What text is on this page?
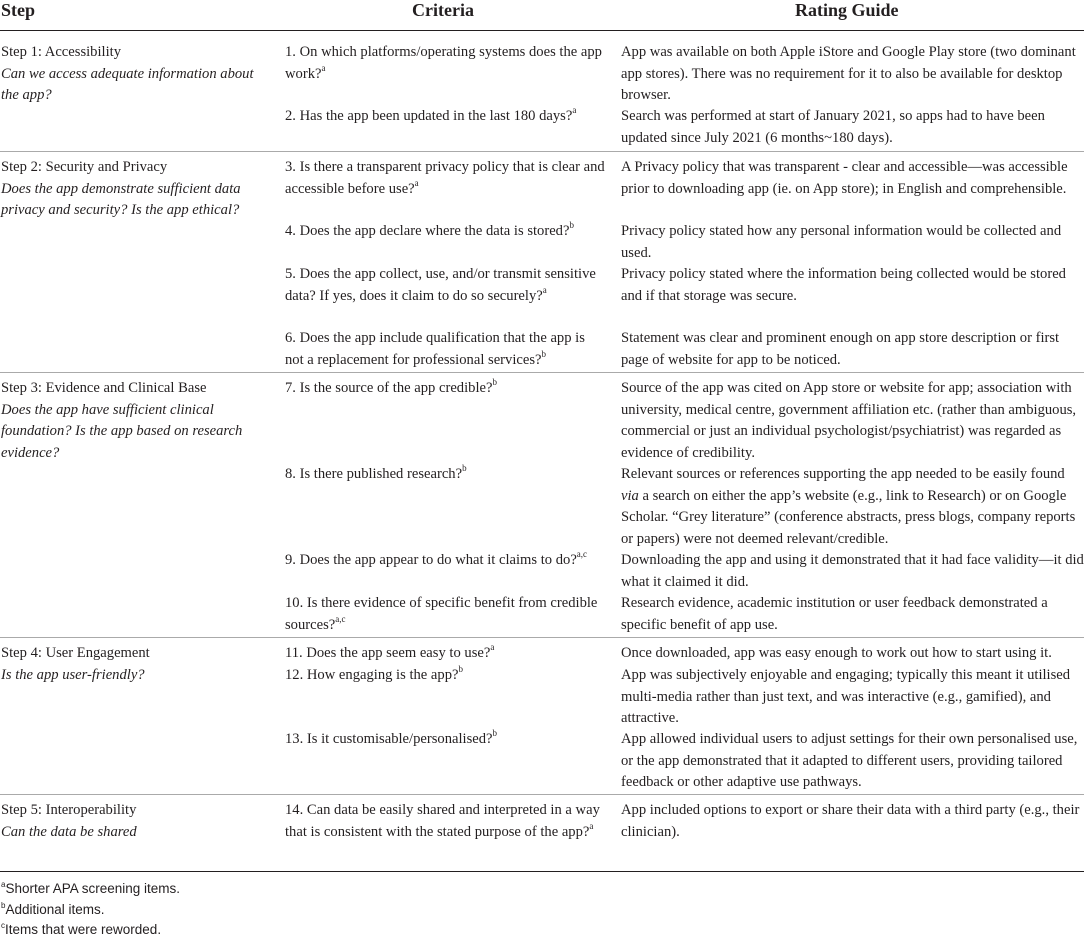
Step	Criteria	Rating Guide
Step 1: Accessibility
Can we access adequate information about the app?
Step 2: Security and Privacy
Does the app demonstrate sufficient data privacy and security? Is the app ethical?
Step 3: Evidence and Clinical Base
Does the app have sufficient clinical foundation? Is the app based on research evidence?
Step 4: User Engagement
Is the app user-friendly?
Step 5: Interoperability
Can the data be shared
1. On which platforms/operating systems does the app work?$^a$
2. Has the app been updated in the last 180 days?$^a$
3. Is there a transparent privacy policy that is clear and accessible before use?$^a$
4. Does the app declare where the data is stored?$^b$
5. Does the app collect, use, and/or transmit sensitive data? If yes, does it claim to do so securely?$^a$
6. Does the app include qualification that the app is not a replacement for professional services?$^b$
7. Is the source of the app credible?$^b$
8. Is there published research?$^b$
9. Does the app appear to do what it claims to do?$^{a,c}$
10. Is there evidence of specific benefit from credible sources?$^{a,c}$
11. Does the app seem easy to use?$^a$
12. How engaging is the app?$^b$
13. Is it customisable/personalised?$^b$
14. Can data be easily shared and interpreted in a way that is consistent with the stated purpose of the app?$^a$
App was available on both Apple iStore and Google Play store (two dominant app stores). There was no requirement for it to also be available for desktop browser.
Search was performed at start of January 2021, so apps had to have been updated since July 2021 (6 months~180 days).
A Privacy policy that was transparent - clear and accessible—was accessible prior to downloading app (ie. on App store); in English and comprehensible.
Privacy policy stated how any personal information would be collected and used.
Privacy policy stated where the information being collected would be stored and if that storage was secure.
Statement was clear and prominent enough on app store description or first page of website for app to be noticed.
Source of the app was cited on App store or website for app; association with university, medical centre, government affiliation etc. (rather than ambiguous, commercial or just an individual psychologist/psychiatrist) was regarded as evidence of credibility.
Relevant sources or references supporting the app needed to be easily found via a search on either the app’s website (e.g., link to Research) or on Google Scholar. “Grey literature” (conference abstracts, press blogs, company reports or papers) were not deemed relevant/credible.
Downloading the app and using it demonstrated that it had face validity—it did what it claimed it did.
Research evidence, academic institution or user feedback demonstrated a specific benefit of app use.
Once downloaded, app was easy enough to work out how to start using it.
App was subjectively enjoyable and engaging; typically this meant it utilised multi-media rather than just text, and was interactive (e.g., gamified), and attractive.
App allowed individual users to adjust settings for their own personalised use, or the app demonstrated that it adapted to different users, providing tailored feedback or other adaptive use pathways.
App included options to export or share their data with a third party (e.g., their clinician).
$^a$Shorter APA screening items.
$^b$Additional items.
$^c$Items that were reworded.
